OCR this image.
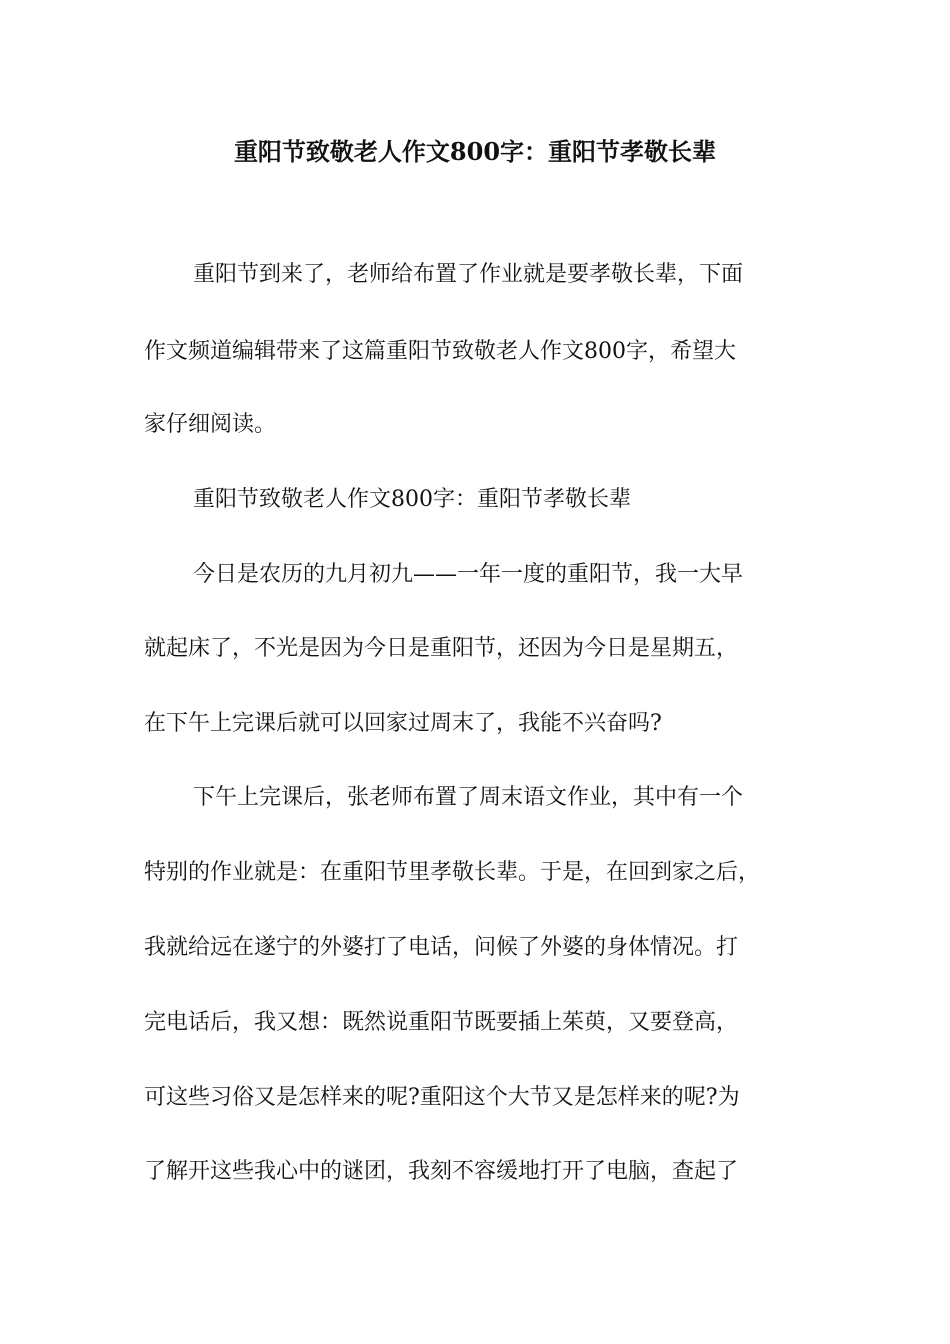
重阳节致敬老人作文800字：重阳节孝敬长辈
重阳节到来了，老师给布置了作业就是要孝敬长辈，下面
作文频道编辑带来了这篇重阳节致敬老人作文800字，希望大
家仔细阅读。
重阳节致敬老人作文800字：重阳节孝敬长辈
今日是农历的九月初九——一年一度的重阳节，我一大早
就起床了，不光是因为今日是重阳节，还因为今日是星期五，
在下午上完课后就可以回家过周末了，我能不兴奋吗?
下午上完课后，张老师布置了周末语文作业，其中有一个
特别的作业就是：在重阳节里孝敬长辈。于是，在回到家之后，
我就给远在遂宁的外婆打了电话，问候了外婆的身体情况。打
完电话后，我又想：既然说重阳节既要插上茱萸，又要登高，
可这些习俗又是怎样来的呢?重阳这个大节又是怎样来的呢?为
了解开这些我心中的谜团，我刻不容缓地打开了电脑，查起了
